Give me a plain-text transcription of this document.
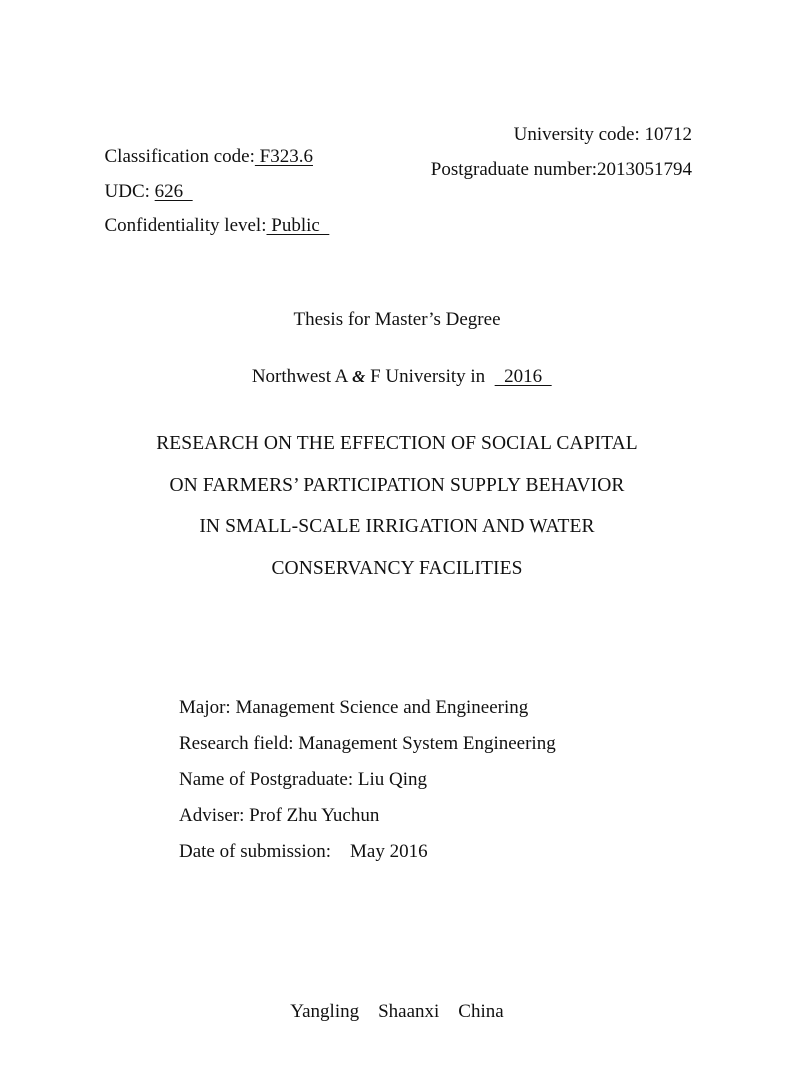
Classification code: F323.6

University code: 10712

UDC: 626

Postgraduate number:2013051794

Confidentiality level: Public

Thesis for Master’s Degree

Northwest A & F University in    2016

RESEARCH ON THE EFFECTION OF SOCIAL CAPITAL
ON FARMERS’ PARTICIPATION SUPPLY BEHAVIOR
IN SMALL-SCALE IRRIGATION AND WATER
CONSERVANCY FACILITIES
Major: Management Science and Engineering
Research field: Management System Engineering
Name of Postgraduate: Liu Qing
Adviser: Prof Zhu Yuchun
Date of submission:    May 2016
Yangling    Shaanxi    China
